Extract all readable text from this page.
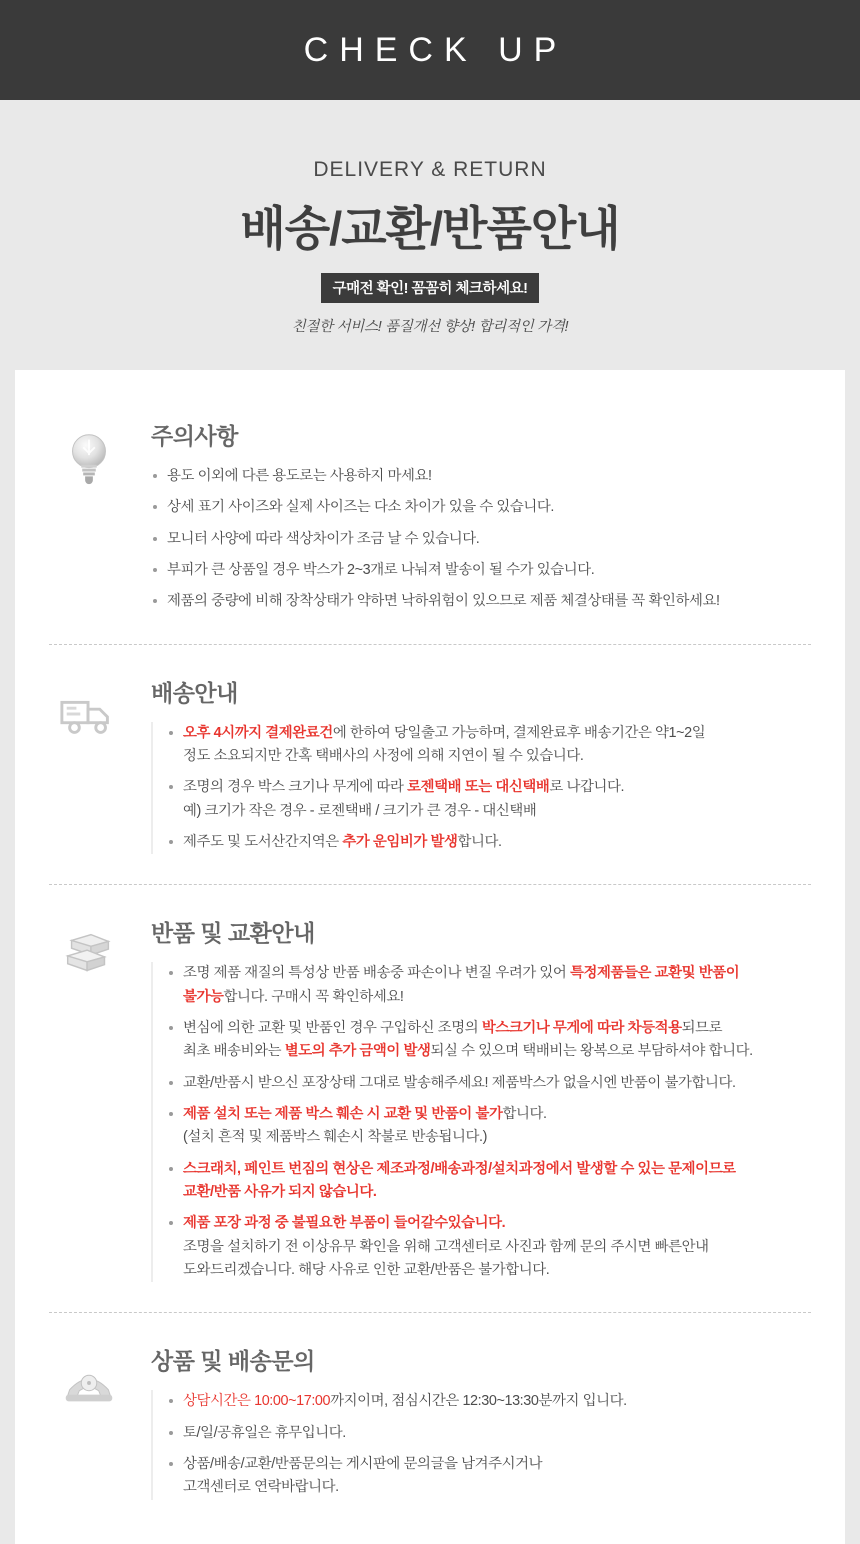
CHECK UP
DELIVERY & RETURN
배송/교환/반품안내
구매전 확인! 꼼꼼히 체크하세요!
친절한 서비스! 품질개선 향상! 합리적인 가격!
주의사항
용도 이외에 다른 용도로는 사용하지 마세요!
상세 표기 사이즈와 실제 사이즈는 다소 차이가 있을 수 있습니다.
모니터 사양에 따라 색상차이가 조금 날 수 있습니다.
부피가 큰 상품일 경우 박스가 2~3개로 나눠져 발송이 될 수가 있습니다.
제품의 중량에 비해 장착상태가 약하면 낙하위험이 있으므로 제품 체결상태를 꼭 확인하세요!
배송안내
오후 4시까지 결제완료건에 한하여 당일출고 가능하며, 결제완료후 배송기간은 약1~2일
정도 소요되지만 간혹 택배사의 사정에 의해 지연이 될 수 있습니다.
조명의 경우 박스 크기나 무게에 따라 로젠택배 또는 대신택배로 나갑니다.
예) 크기가 작은 경우 - 로젠택배 / 크기가 큰 경우 - 대신택배
제주도 및 도서산간지역은 추가 운임비가 발생합니다.
반품 및 교환안내
조명 제품 재질의 특성상 반품 배송중 파손이나 변질 우려가 있어 특정제품들은 교환및 반품이
불가능합니다. 구매시 꼭 확인하세요!
변심에 의한 교환 및 반품인 경우 구입하신 조명의 박스크기나 무게에 따라 차등적용되므로
최초 배송비와는 별도의 추가 금액이 발생되실 수 있으며 택배비는 왕복으로 부담하셔야 합니다.
교환/반품시 받으신 포장상태 그대로 발송해주세요! 제품박스가 없을시엔 반품이 불가합니다.
제품 설치 또는 제품 박스 훼손 시 교환 및 반품이 불가합니다.
(설치 흔적 및 제품박스 훼손시 착불로 반송됩니다.)
스크래치, 페인트 번짐의 현상은 제조과정/배송과정/설치과정에서 발생할 수 있는 문제이므로
교환/반품 사유가 되지 않습니다.
제품 포장 과정 중 불필요한 부품이 들어갈수있습니다.
조명을 설치하기 전 이상유무 확인을 위해 고객센터로 사진과 함께 문의 주시면 빠른안내
도와드리겠습니다. 해당 사유로 인한 교환/반품은 불가합니다.
상품 및 배송문의
상담시간은 10:00~17:00까지이며, 점심시간은 12:30~13:30분까지 입니다.
토/일/공휴일은 휴무입니다.
상품/배송/교환/반품문의는 게시판에 문의글을 남겨주시거나
고객센터로 연락바랍니다.
